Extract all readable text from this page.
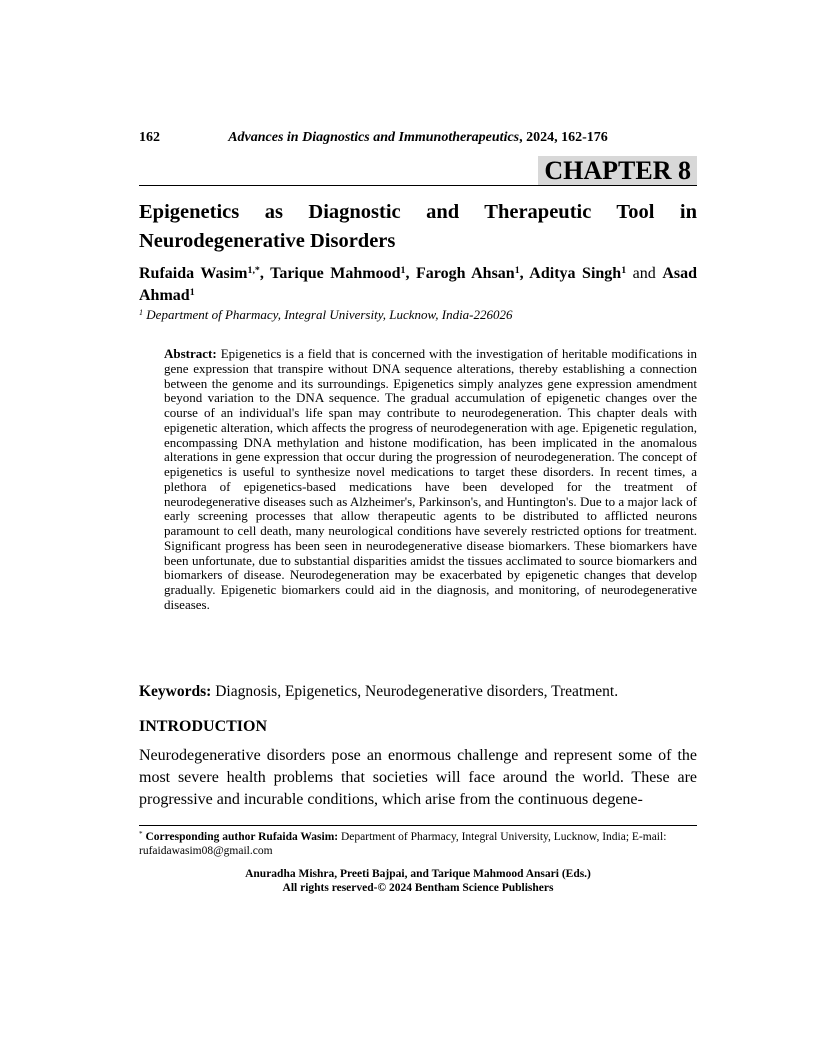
162	Advances in Diagnostics and Immunotherapeutics, 2024, 162-176
CHAPTER 8
Epigenetics as Diagnostic and Therapeutic Tool in Neurodegenerative Disorders

Rufaida Wasim$^{1,*}$, Tarique Mahmood$^1$, Farogh Ahsan$^1$, Aditya Singh$^1$ and Asad Ahmad$^1$

$^1$ Department of Pharmacy, Integral University, Lucknow, India-226026

Abstract: Epigenetics is a field that is concerned with the investigation of heritable modifications in gene expression that transpire without DNA sequence alterations, thereby establishing a connection between the genome and its surroundings. Epigenetics simply analyzes gene expression amendment beyond variation to the DNA sequence. The gradual accumulation of epigenetic changes over the course of an individual's life span may contribute to neurodegeneration. This chapter deals with epigenetic alteration, which affects the progress of neurodegeneration with age. Epigenetic regulation, encompassing DNA methylation and histone modification, has been implicated in the anomalous alterations in gene expression that occur during the progression of neurodegeneration. The concept of epigenetics is useful to synthesize novel medications to target these disorders. In recent times, a plethora of epigenetics-based medications have been developed for the treatment of neurodegenerative diseases such as Alzheimer's, Parkinson's, and Huntington's. Due to a major lack of early screening processes that allow therapeutic agents to be distributed to afflicted neurons paramount to cell death, many neurological conditions have severely restricted options for treatment. Significant progress has been seen in neurodegenerative disease biomarkers. These biomarkers have been unfortunate, due to substantial disparities amidst the tissues acclimated to source biomarkers and biomarkers of disease. Neurodegeneration may be exacerbated by epigenetic changes that develop gradually. Epigenetic biomarkers could aid in the diagnosis, and monitoring, of neurodegenerative diseases.

Keywords: Diagnosis, Epigenetics, Neurodegenerative disorders, Treatment.

INTRODUCTION

Neurodegenerative disorders pose an enormous challenge and represent some of the most severe health problems that societies will face around the world. These are progressive and incurable conditions, which arise from the continuous degene-

* Corresponding author Rufaida Wasim: Department of Pharmacy, Integral University, Lucknow, India; E-mail: rufaidawasim08@gmail.com

Anuradha Mishra, Preeti Bajpai, and Tarique Mahmood Ansari (Eds.)

All rights reserved-© 2024 Bentham Science Publishers
